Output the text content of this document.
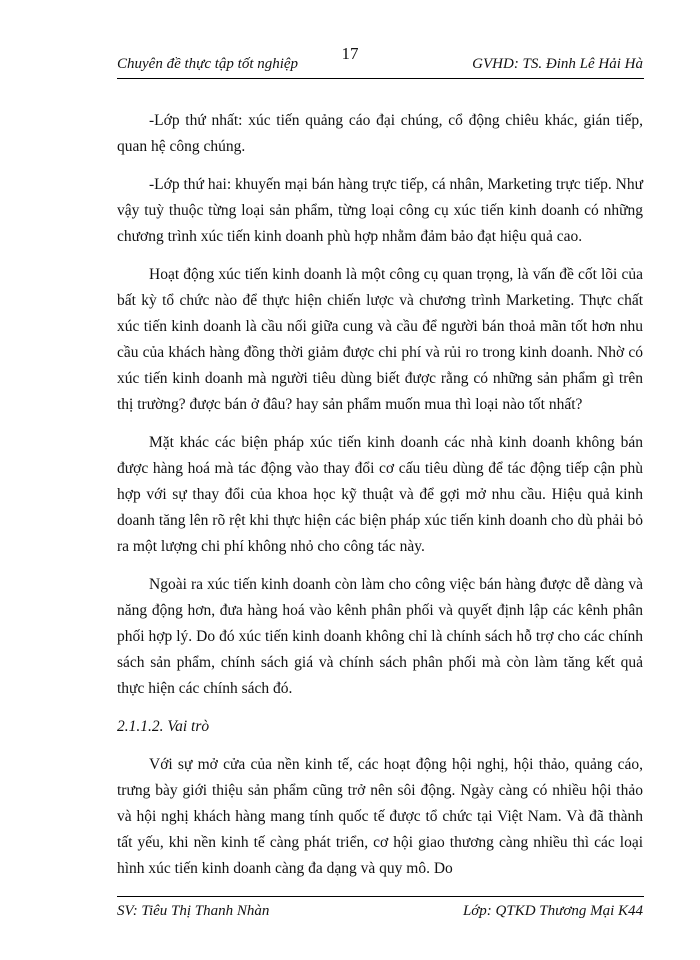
17
Chuyên đề thực tập tốt nghiệp	GVHD: TS. Đinh Lê Hải Hà

-Lớp thứ nhất: xúc tiến quảng cáo đại chúng, cổ động chiêu khác, gián tiếp, quan hệ công chúng.

-Lớp thứ hai: khuyến mại bán hàng trực tiếp, cá nhân, Marketing trực tiếp. Như vậy tuỳ thuộc từng loại sản phẩm, từng loại công cụ xúc tiến kinh doanh có những chương trình xúc tiến kinh doanh phù hợp nhằm đảm bảo đạt hiệu quả cao.

Hoạt động xúc tiến kinh doanh là một công cụ quan trọng, là vấn đề cốt lõi của bất kỳ tổ chức nào để thực hiện chiến lược và chương trình Marketing. Thực chất xúc tiến kinh doanh là cầu nối giữa cung và cầu để người bán thoả mãn tốt hơn nhu cầu của khách hàng đồng thời giảm được chi phí và rủi ro trong kinh doanh. Nhờ có xúc tiến kinh doanh mà người tiêu dùng biết được rằng có những sản phẩm gì trên thị trường? được bán ở đâu? hay sản phẩm muốn mua thì loại nào tốt nhất?

Mặt khác các biện pháp xúc tiến kinh doanh các nhà kinh doanh không bán được hàng hoá mà tác động vào thay đổi cơ cấu tiêu dùng để tác động tiếp cận phù hợp với sự thay đổi của khoa học kỹ thuật và để gợi mở nhu cầu. Hiệu quả kinh doanh tăng lên rõ rệt khi thực hiện các biện pháp xúc tiến kinh doanh cho dù phải bỏ ra một lượng chi phí không nhỏ cho công tác này.

Ngoài ra xúc tiến kinh doanh còn làm cho công việc bán hàng được dễ dàng và năng động hơn, đưa hàng hoá vào kênh phân phối và quyết định lập các kênh phân phối hợp lý. Do đó xúc tiến kinh doanh không chỉ là chính sách hỗ trợ cho các chính sách sản phẩm, chính sách giá và chính sách phân phối mà còn làm tăng kết quả thực hiện các chính sách đó.

2.1.1.2. Vai trò

Với sự mở cửa của nền kinh tế, các hoạt động hội nghị, hội thảo, quảng cáo, trưng bày giới thiệu sản phẩm cũng trở nên sôi động. Ngày càng có nhiều hội thảo và hội nghị khách hàng mang tính quốc tế được tổ chức tại Việt Nam. Và đã thành tất yếu, khi nền kinh tế càng phát triển, cơ hội giao thương càng nhiều thì các loại hình xúc tiến kinh doanh càng đa dạng và quy mô. Do

SV: Tiêu Thị Thanh Nhàn	Lớp: QTKD Thương Mại K44
